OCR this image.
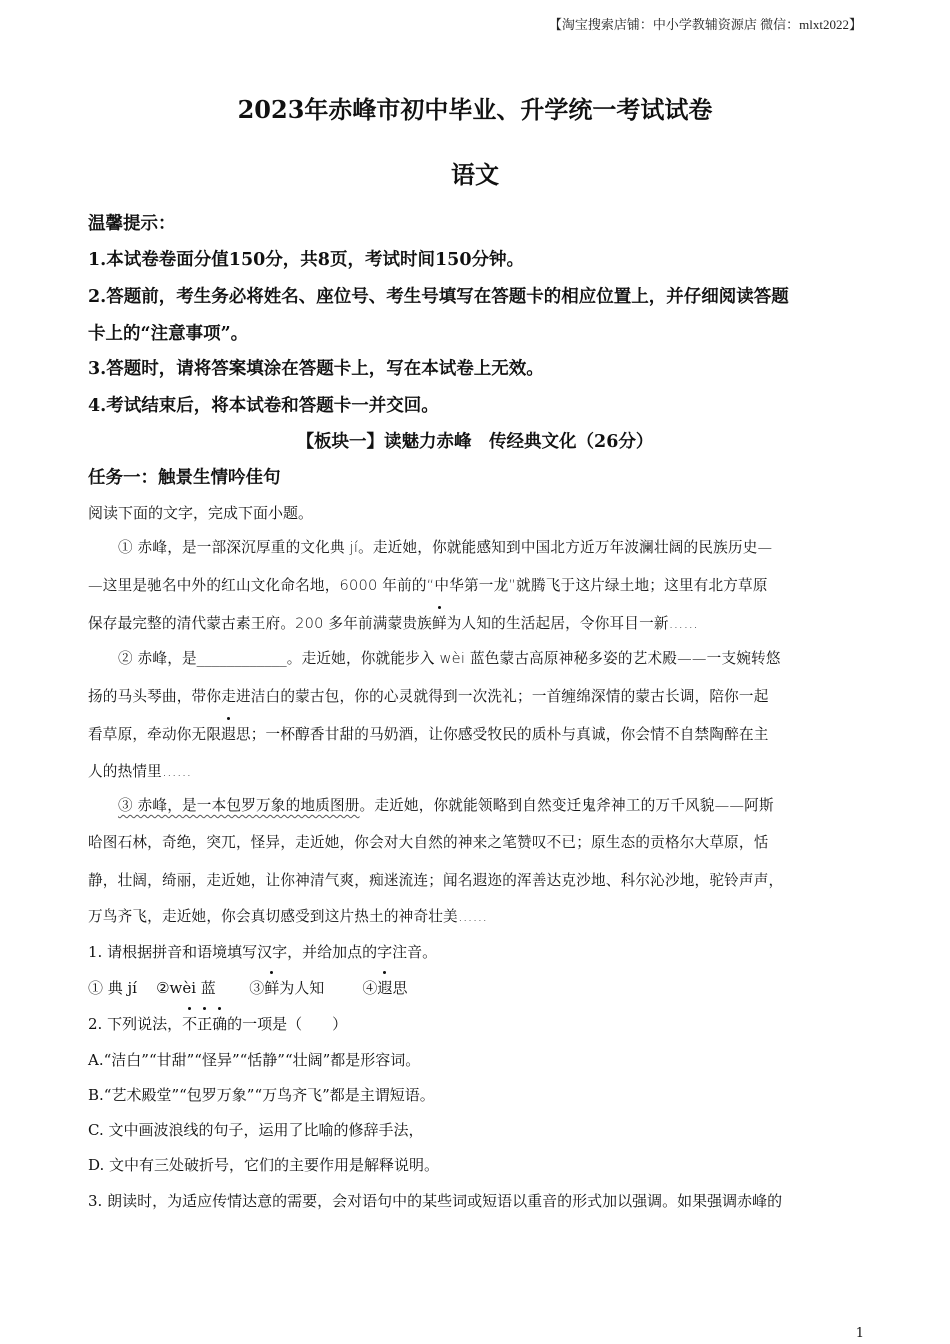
【淘宝搜索店铺：中小学教辅资源店 微信：mlxt2022】
2023年赤峰市初中毕业、升学统一考试试卷
语文
温馨提示：
1.本试卷卷面分值150分，共8页，考试时间150分钟。
2.答题前，考生务必将姓名、座位号、考生号填写在答题卡的相应位置上，并仔细阅读答题
卡上的“注意事项”。
3.答题时，请将答案填涂在答题卡上，写在本试卷上无效。
4.考试结束后，将本试卷和答题卡一并交回。
【板块一】读魅力赤峰　传经典文化（26分）
任务一：触景生情吟佳句
阅读下面的文字，完成下面小题。
① 赤峰，是一部深沉厚重的文化典 jí。走近她，你就能感知到中国北方近万年波澜壮阔的民族历史—
—这里是驰名中外的红山文化命名地，6000 年前的“中华第一龙”就腾飞于这片绿土地；这里有北方草原
保存最完整的清代蒙古素王府。200 多年前满蒙贵族鲜为人知的生活起居，令你耳目一新……
② 赤峰，是____________。走近她，你就能步入 wèi 蓝色蒙古高原神秘多姿的艺术殿——一支婉转悠
扬的马头琴曲，带你走进洁白的蒙古包，你的心灵就得到一次洗礼；一首缠绵深情的蒙古长调，陪你一起
看草原，牵动你无限遐思；一杯醇香甘甜的马奶酒，让你感受牧民的质朴与真诚，你会情不自禁陶醉在主
人的热情里……
③ 赤峰，是一本包罗万象的地质图册。走近她，你就能领略到自然变迁鬼斧神工的万千风貌——阿斯
哈图石林，奇绝，突兀，怪异，走近她，你会对大自然的神来之笔赞叹不已；原生态的贡格尔大草原，恬
静，壮阔，绮丽，走近她，让你神清气爽，痴迷流连；闻名遐迩的浑善达克沙地、科尔沁沙地，驼铃声声，
万鸟齐飞，走近她，你会真切感受到这片热土的神奇壮美……
1. 请根据拼音和语境填写汉字，并给加点的字注音。
① 典 jí ②wèi 蓝 ③鲜为人知	④遐思
2. 下列说法，不正确的一项是（　　）
A.“洁白”“甘甜”“怪异”“恬静”“壮阔”都是形容词。
B.“艺术殿堂”“包罗万象”“万鸟齐飞”都是主谓短语。
C. 文中画波浪线的句子，运用了比喻的修辞手法，
D. 文中有三处破折号，它们的主要作用是解释说明。
3. 朗读时，为适应传情达意的需要，会对语句中的某些词或短语以重音的形式加以强调。如果强调赤峰的
1
